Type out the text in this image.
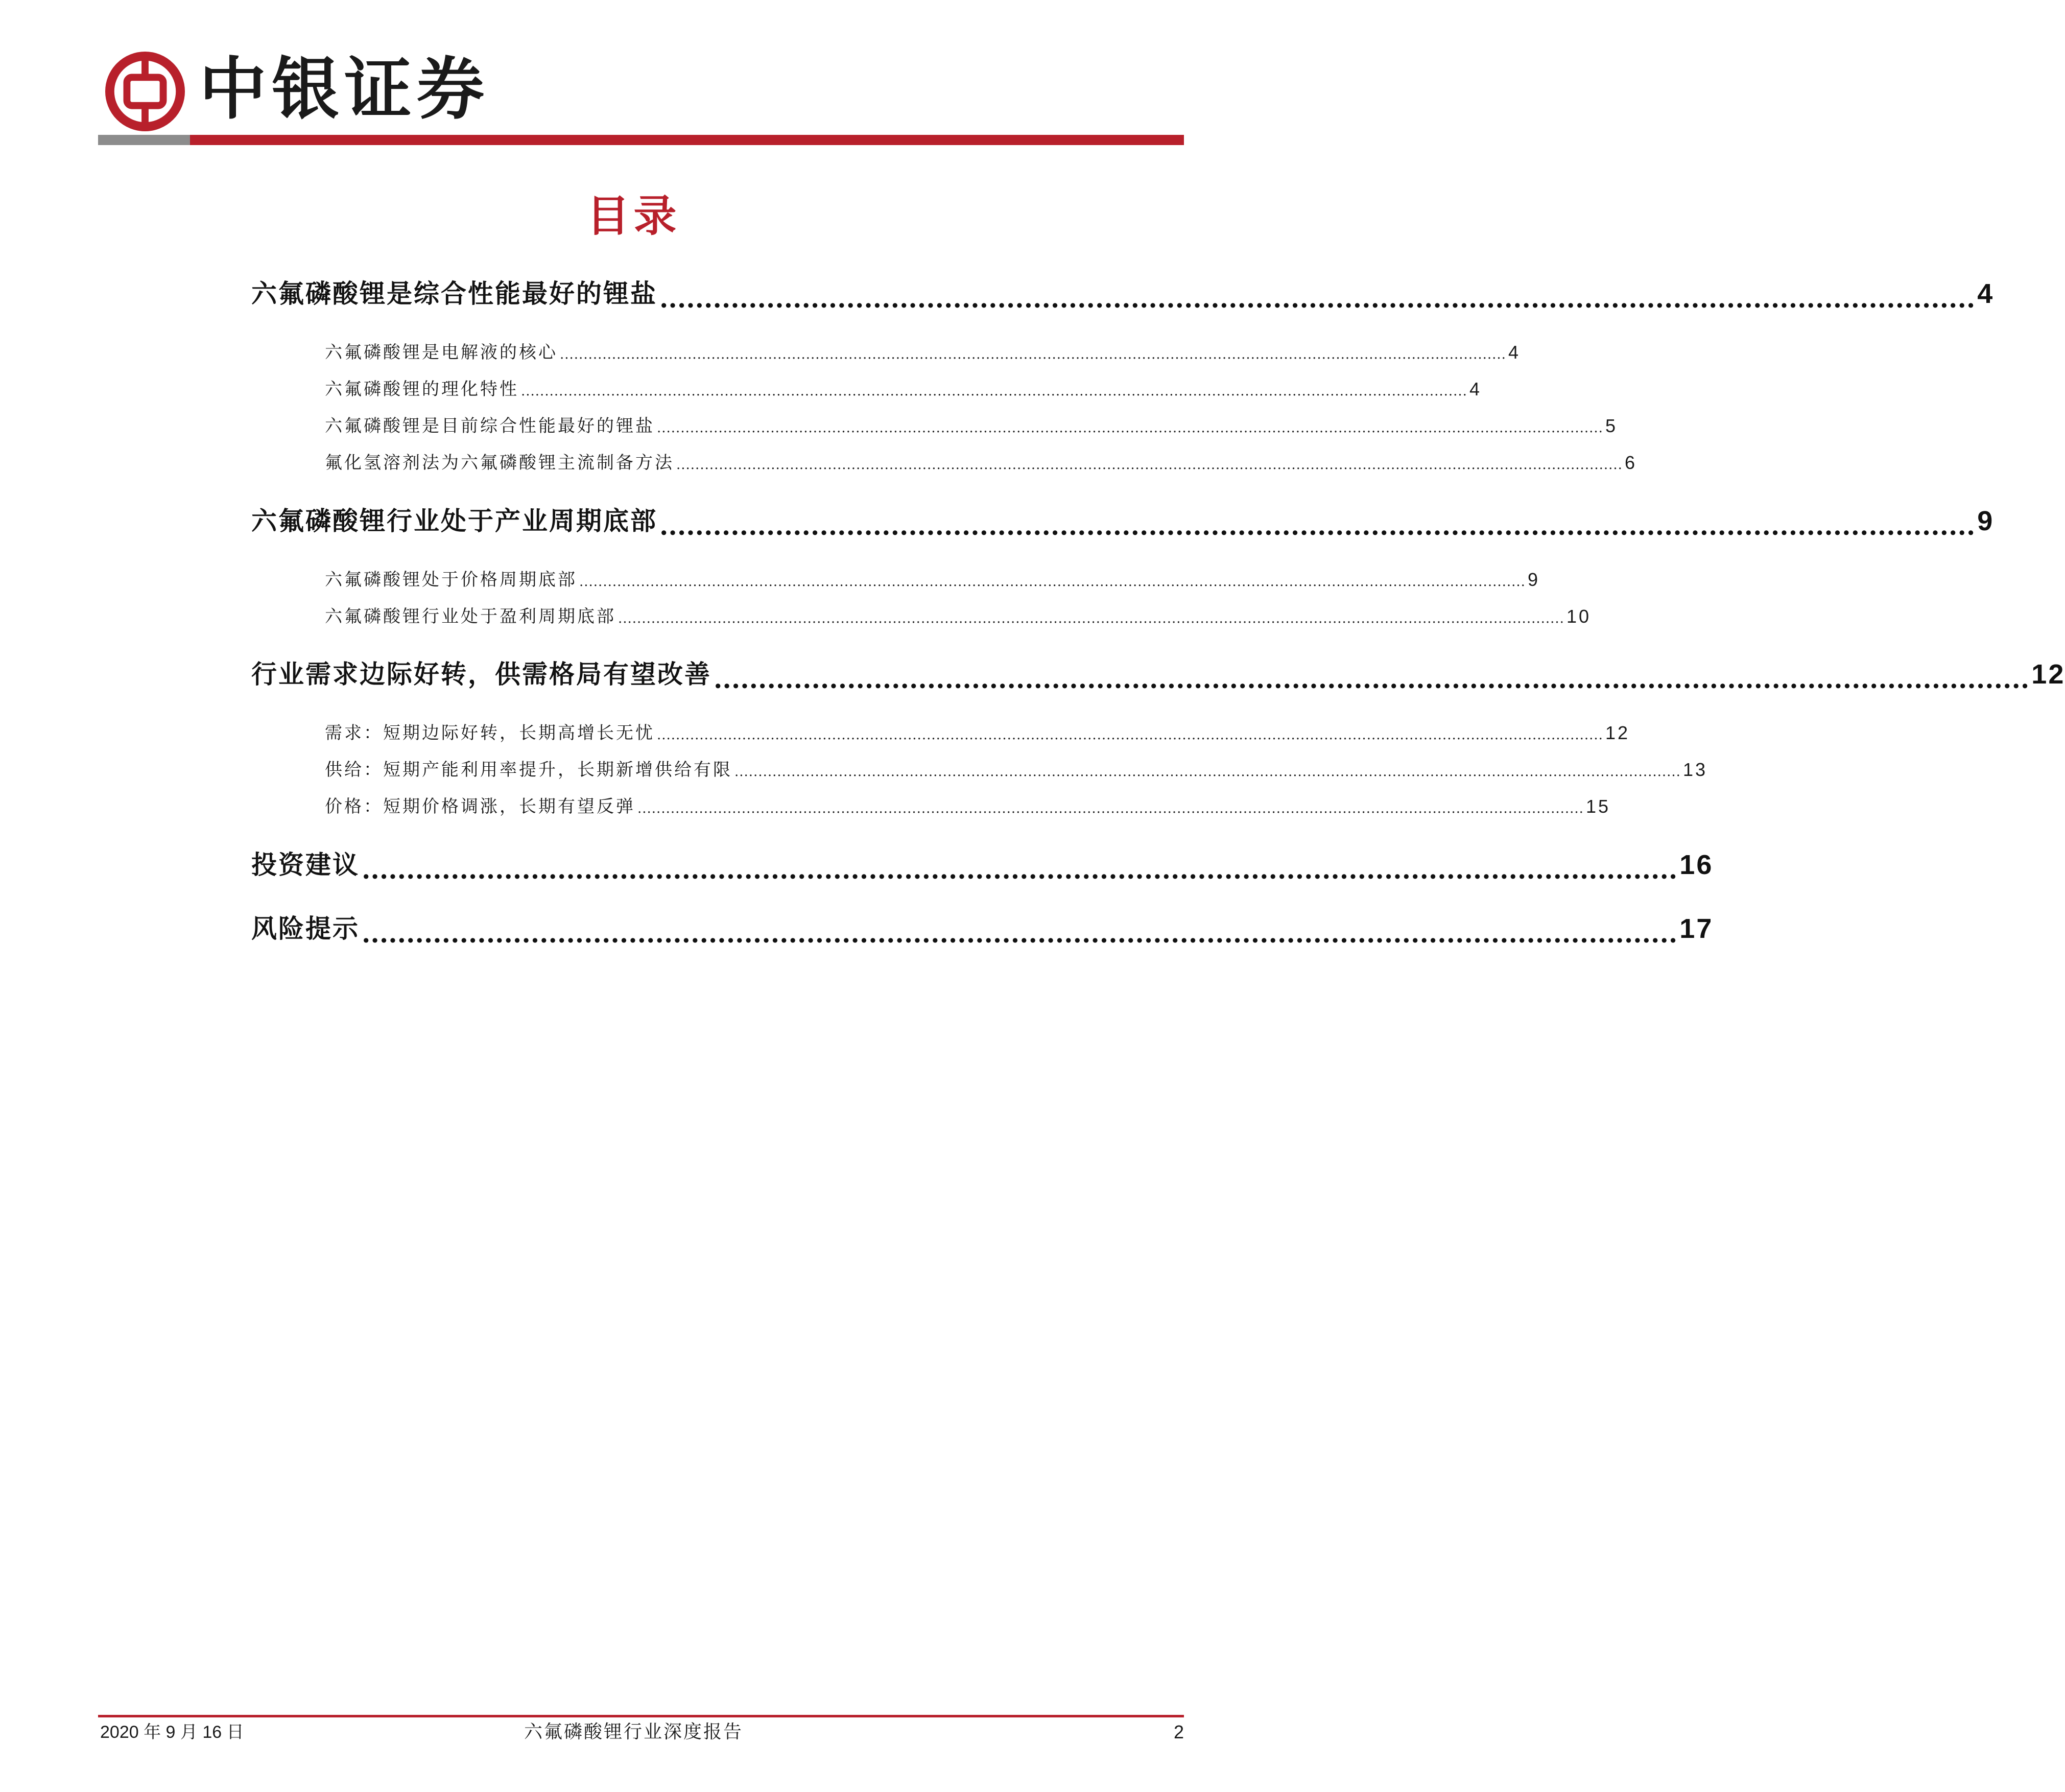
中银证券
目录
六氟磷酸锂是综合性能最好的锂盐 .................................................................................................................................................... 4
六氟磷酸锂是电解液的核心 ........................................................................................................................................................................................................ 4
六氟磷酸锂的理化特性 ........................................................................................................................................................................................................ 4
六氟磷酸锂是目前综合性能最好的锂盐 ........................................................................................................................................................................................................ 5
氟化氢溶剂法为六氟磷酸锂主流制备方法 ........................................................................................................................................................................................................ 6
六氟磷酸锂行业处于产业周期底部 .................................................................................................................................................... 9
六氟磷酸锂处于价格周期底部 ........................................................................................................................................................................................................ 9
六氟磷酸锂行业处于盈利周期底部 ........................................................................................................................................................................................................ 10
行业需求边际好转，供需格局有望改善 .................................................................................................................................................... 12
需求：短期边际好转，长期高增长无忧 ........................................................................................................................................................................................................ 12
供给：短期产能利用率提升，长期新增供给有限 ........................................................................................................................................................................................................ 13
价格：短期价格调涨，长期有望反弹 ........................................................................................................................................................................................................ 15
投资建议 .................................................................................................................................................... 16
风险提示 .................................................................................................................................................... 17
2020 年 9 月 16 日	六氟磷酸锂行业深度报告	2
